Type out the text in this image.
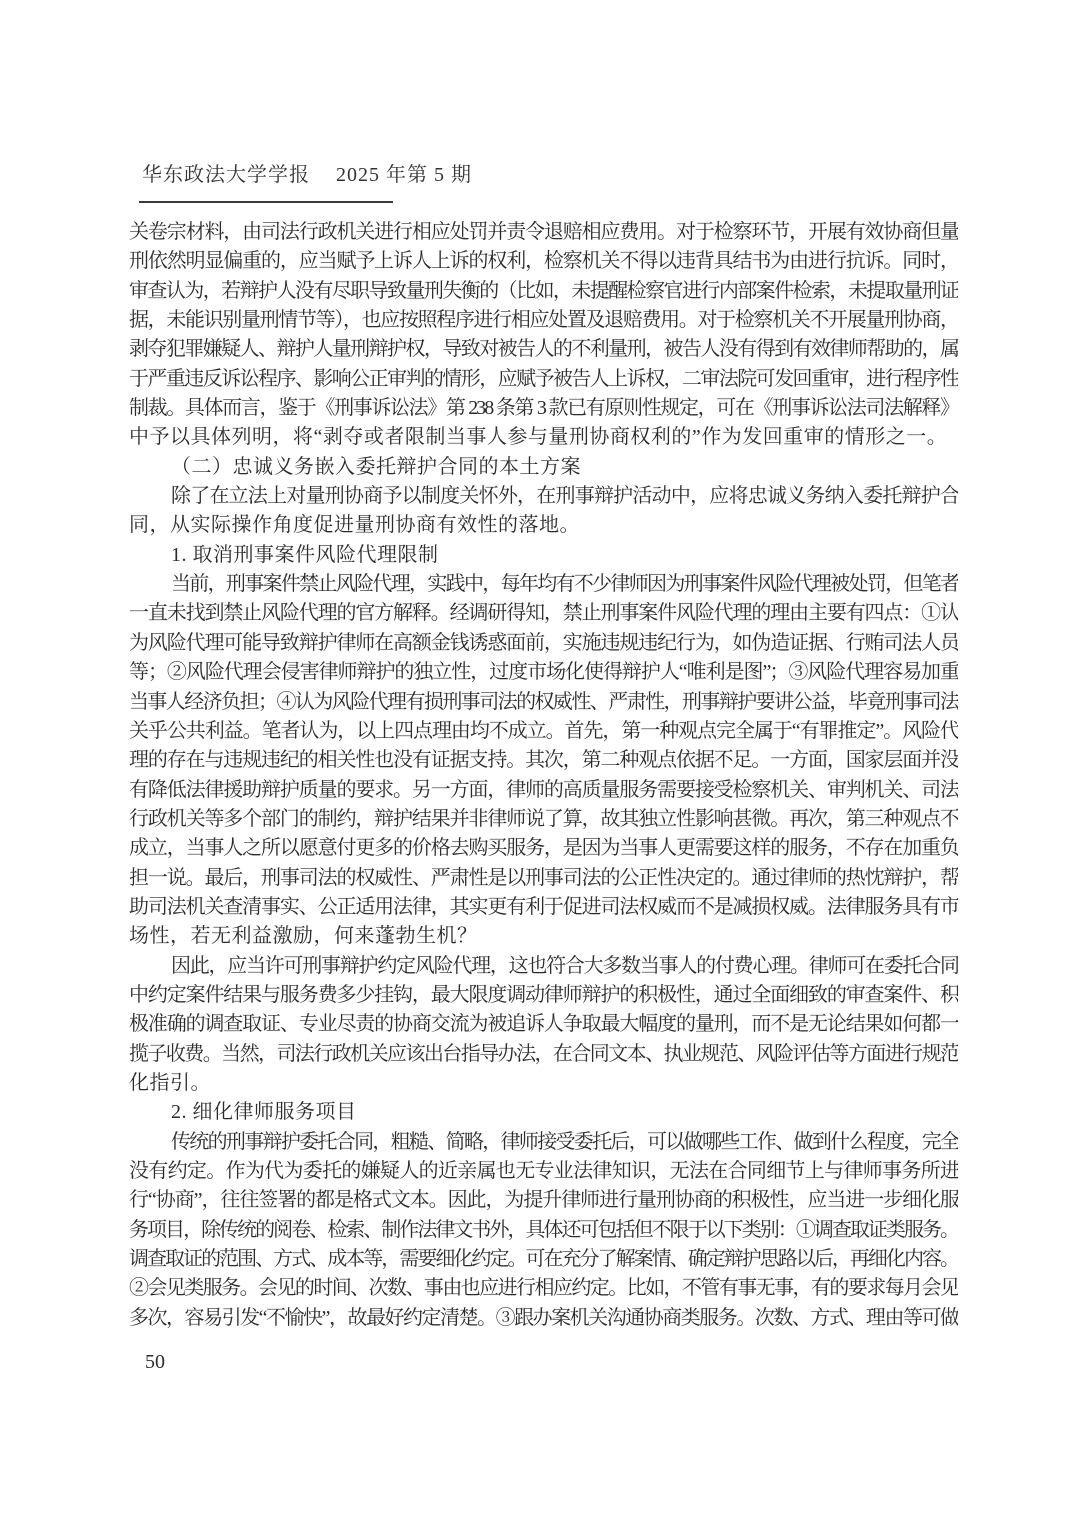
华东政法大学学报 2025 年第 5 期
关卷宗材料，由司法行政机关进行相应处罚并责令退赔相应费用。对于检察环节，开展有效协商但量
刑依然明显偏重的，应当赋予上诉人上诉的权利，检察机关不得以违背具结书为由进行抗诉。同时，
审查认为，若辩护人没有尽职导致量刑失衡的（比如，未提醒检察官进行内部案件检索，未提取量刑证
据，未能识别量刑情节等），也应按照程序进行相应处置及退赔费用。对于检察机关不开展量刑协商，
剥夺犯罪嫌疑人、辩护人量刑辩护权，导致对被告人的不利量刑，被告人没有得到有效律师帮助的，属
于严重违反诉讼程序、影响公正审判的情形，应赋予被告人上诉权，二审法院可发回重审，进行程序性
制裁。具体而言，鉴于《刑事诉讼法》第 238 条第 3 款已有原则性规定，可在《刑事诉讼法司法解释》
中予以具体列明，将“剥夺或者限制当事人参与量刑协商权利的”作为发回重审的情形之一。
（二）忠诚义务嵌入委托辩护合同的本土方案
除了在立法上对量刑协商予以制度关怀外，在刑事辩护活动中，应将忠诚义务纳入委托辩护合
同，从实际操作角度促进量刑协商有效性的落地。
1. 取消刑事案件风险代理限制
当前，刑事案件禁止风险代理，实践中，每年均有不少律师因为刑事案件风险代理被处罚，但笔者
一直未找到禁止风险代理的官方解释。经调研得知，禁止刑事案件风险代理的理由主要有四点：①认
为风险代理可能导致辩护律师在高额金钱诱惑面前，实施违规违纪行为，如伪造证据、行贿司法人员
等；②风险代理会侵害律师辩护的独立性，过度市场化使得辩护人“唯利是图”；③风险代理容易加重
当事人经济负担；④认为风险代理有损刑事司法的权威性、严肃性，刑事辩护要讲公益，毕竟刑事司法
关乎公共利益。笔者认为，以上四点理由均不成立。首先，第一种观点完全属于“有罪推定”。风险代
理的存在与违规违纪的相关性也没有证据支持。其次，第二种观点依据不足。一方面，国家层面并没
有降低法律援助辩护质量的要求。另一方面，律师的高质量服务需要接受检察机关、审判机关、司法
行政机关等多个部门的制约，辩护结果并非律师说了算，故其独立性影响甚微。再次，第三种观点不
成立，当事人之所以愿意付更多的价格去购买服务，是因为当事人更需要这样的服务，不存在加重负
担一说。最后，刑事司法的权威性、严肃性是以刑事司法的公正性决定的。通过律师的热忱辩护，帮
助司法机关查清事实、公正适用法律，其实更有利于促进司法权威而不是减损权威。法律服务具有市
场性，若无利益激励，何来蓬勃生机？
因此，应当许可刑事辩护约定风险代理，这也符合大多数当事人的付费心理。律师可在委托合同
中约定案件结果与服务费多少挂钩，最大限度调动律师辩护的积极性，通过全面细致的审查案件、积
极准确的调查取证、专业尽责的协商交流为被追诉人争取最大幅度的量刑，而不是无论结果如何都一
揽子收费。当然，司法行政机关应该出台指导办法，在合同文本、执业规范、风险评估等方面进行规范
化指引。
2. 细化律师服务项目
传统的刑事辩护委托合同，粗糙、简略，律师接受委托后，可以做哪些工作、做到什么程度，完全
没有约定。作为代为委托的嫌疑人的近亲属也无专业法律知识，无法在合同细节上与律师事务所进
行“协商”，往往签署的都是格式文本。因此，为提升律师进行量刑协商的积极性，应当进一步细化服
务项目，除传统的阅卷、检索、制作法律文书外，具体还可包括但不限于以下类别：①调查取证类服务。
调查取证的范围、方式、成本等，需要细化约定。可在充分了解案情、确定辩护思路以后，再细化内容。
②会见类服务。会见的时间、次数、事由也应进行相应约定。比如，不管有事无事，有的要求每月会见
多次，容易引发“不愉快”，故最好约定清楚。③跟办案机关沟通协商类服务。次数、方式、理由等可做
50
